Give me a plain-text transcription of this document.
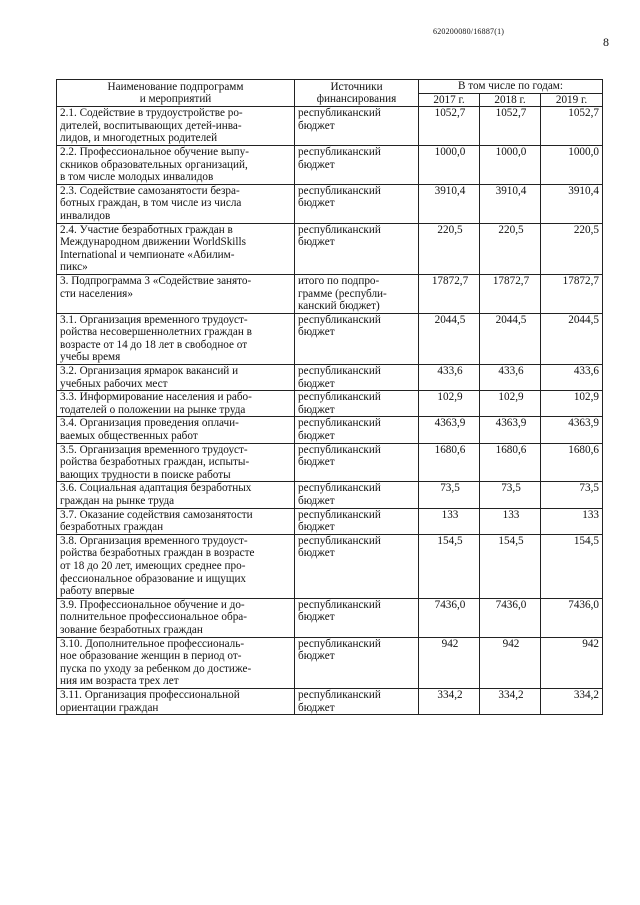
620200080/16887(1)
8
Наименование подпрограмм
и мероприятий	Источники
финансирования	В том числе по годам:		
		2017 г.	2018 г.	2019 г.

2.1. Содействие в трудоустройстве ро-
дителей, воспитывающих детей-инва-
лидов, и многодетных родителей	республиканский
бюджет	1052,7	1052,7	1052,7

2.2. Профессиональное обучение выпу-
скников образовательных организаций,
в том числе молодых инвалидов	республиканский
бюджет	1000,0	1000,0	1000,0

2.3. Содействие самозанятости безра-
ботных граждан, в том числе из числа
инвалидов	республиканский
бюджет	3910,4	3910,4	3910,4

2.4. Участие безработных граждан в
Международном движении WorldSkills
International и чемпионате «Абилим-
пикс»	республиканский
бюджет	220,5	220,5	220,5

3. Подпрограмма 3 «Содействие занято-
сти населения»	итого по подпро-
грамме (республи-
канский бюджет)	17872,7	17872,7	17872,7

3.1. Организация временного трудоуст-
ройства несовершеннолетних граждан в
возрасте от 14 до 18 лет в свободное от
учебы время	республиканский
бюджет	2044,5	2044,5	2044,5

3.2. Организация ярмарок вакансий и
учебных рабочих мест	республиканский
бюджет	433,6	433,6	433,6

3.3. Информирование населения и рабо-
тодателей о положении на рынке труда	республиканский
бюджет	102,9	102,9	102,9

3.4. Организация проведения оплачи-
ваемых общественных работ	республиканский
бюджет	4363,9	4363,9	4363,9

3.5. Организация временного трудоуст-
ройства безработных граждан, испыты-
вающих трудности в поиске работы	республиканский
бюджет	1680,6	1680,6	1680,6

3.6. Социальная адаптация безработных
граждан на рынке труда	республиканский
бюджет	73,5	73,5	73,5

3.7. Оказание содействия самозанятости
безработных граждан	республиканский
бюджет	133	133	133

3.8. Организация временного трудоуст-
ройства безработных граждан в возрасте
от 18 до 20 лет, имеющих среднее про-
фессиональное образование и ищущих
работу впервые	республиканский
бюджет	154,5	154,5	154,5

3.9. Профессиональное обучение и до-
полнительное профессиональное обра-
зование безработных граждан	республиканский
бюджет	7436,0	7436,0	7436,0

3.10. Дополнительное профессиональ-
ное образование женщин в период от-
пуска по уходу за ребенком до достиже-
ния им возраста трех лет	республиканский
бюджет	942	942	942

3.11. Организация профессиональной
ориентации граждан	республиканский
бюджет	334,2	334,2	334,2
